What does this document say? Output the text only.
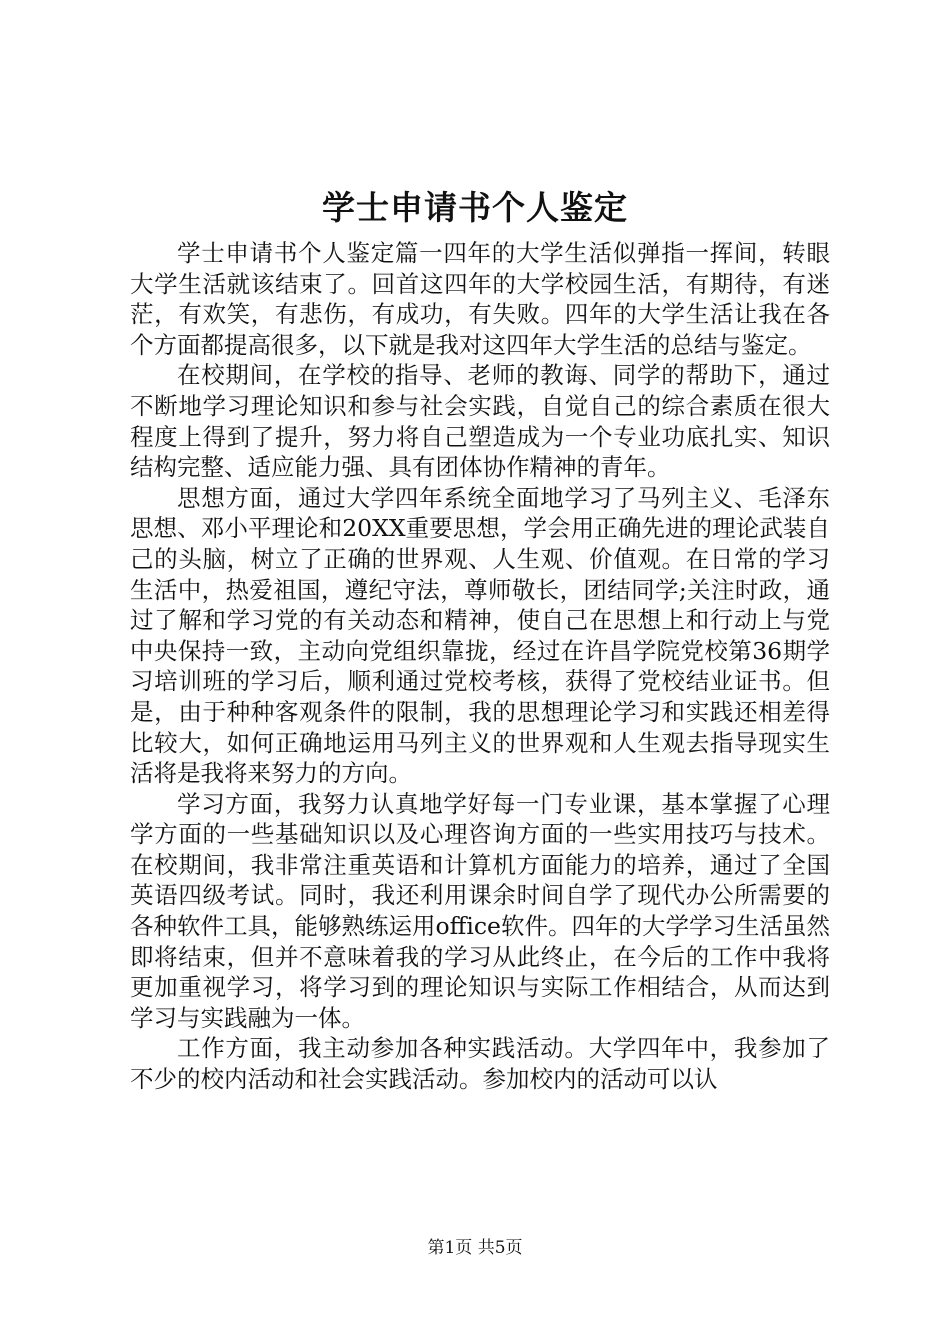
学士申请书个人鉴定

学士申请书个人鉴定篇一四年的大学生活似弹指一挥间，转眼大学生活就该结束了。回首这四年的大学校园生活，有期待，有迷茫，有欢笑，有悲伤，有成功，有失败。四年的大学生活让我在各个方面都提高很多，以下就是我对这四年大学生活的总结与鉴定。

在校期间，在学校的指导、老师的教诲、同学的帮助下，通过不断地学习理论知识和参与社会实践，自觉自己的综合素质在很大程度上得到了提升，努力将自己塑造成为一个专业功底扎实、知识结构完整、适应能力强、具有团体协作精神的青年。

思想方面，通过大学四年系统全面地学习了马列主义、毛泽东思想、邓小平理论和20XX重要思想，学会用正确先进的理论武装自己的头脑，树立了正确的世界观、人生观、价值观。在日常的学习生活中，热爱祖国，遵纪守法，尊师敬长，团结同学;关注时政，通过了解和学习党的有关动态和精神，使自己在思想上和行动上与党中央保持一致，主动向党组织靠拢，经过在许昌学院党校第36期学习培训班的学习后，顺利通过党校考核，获得了党校结业证书。但是，由于种种客观条件的限制，我的思想理论学习和实践还相差得比较大，如何正确地运用马列主义的世界观和人生观去指导现实生活将是我将来努力的方向。

学习方面，我努力认真地学好每一门专业课，基本掌握了心理学方面的一些基础知识以及心理咨询方面的一些实用技巧与技术。在校期间，我非常注重英语和计算机方面能力的培养，通过了全国英语四级考试。同时，我还利用课余时间自学了现代办公所需要的各种软件工具，能够熟练运用office软件。四年的大学学习生活虽然即将结束，但并不意味着我的学习从此终止，在今后的工作中我将更加重视学习，将学习到的理论知识与实际工作相结合，从而达到学习与实践融为一体。

工作方面，我主动参加各种实践活动。大学四年中，我参加了不少的校内活动和社会实践活动。参加校内的活动可以认

第1页 共5页
